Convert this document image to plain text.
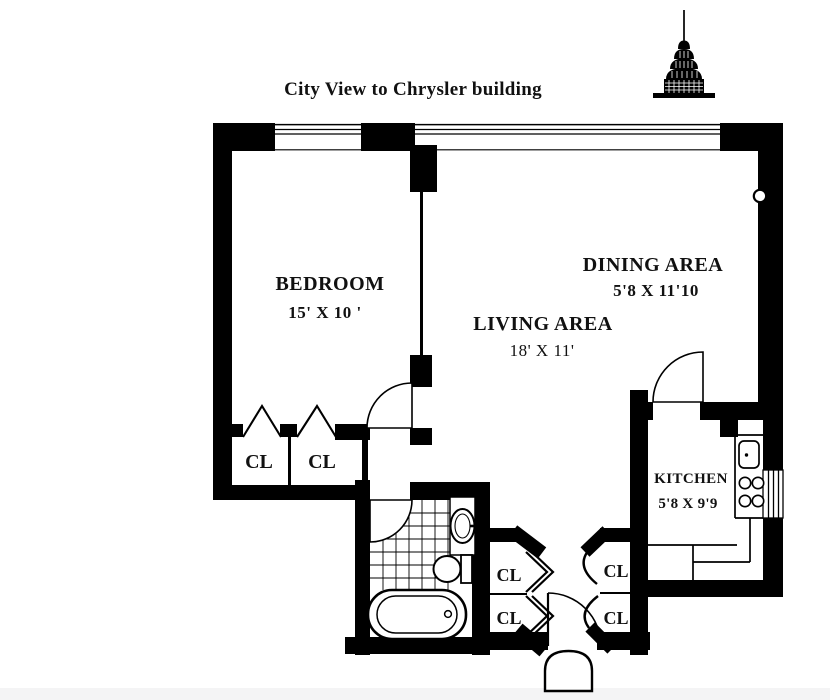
City View to Chrysler building
BEDROOM
15' X 10 '
LIVING AREA
18' X 11'
DINING AREA
5'8 X 11'10
KITCHEN
5'8 X 9'9
CL CL
CL
CL
CL
CL
